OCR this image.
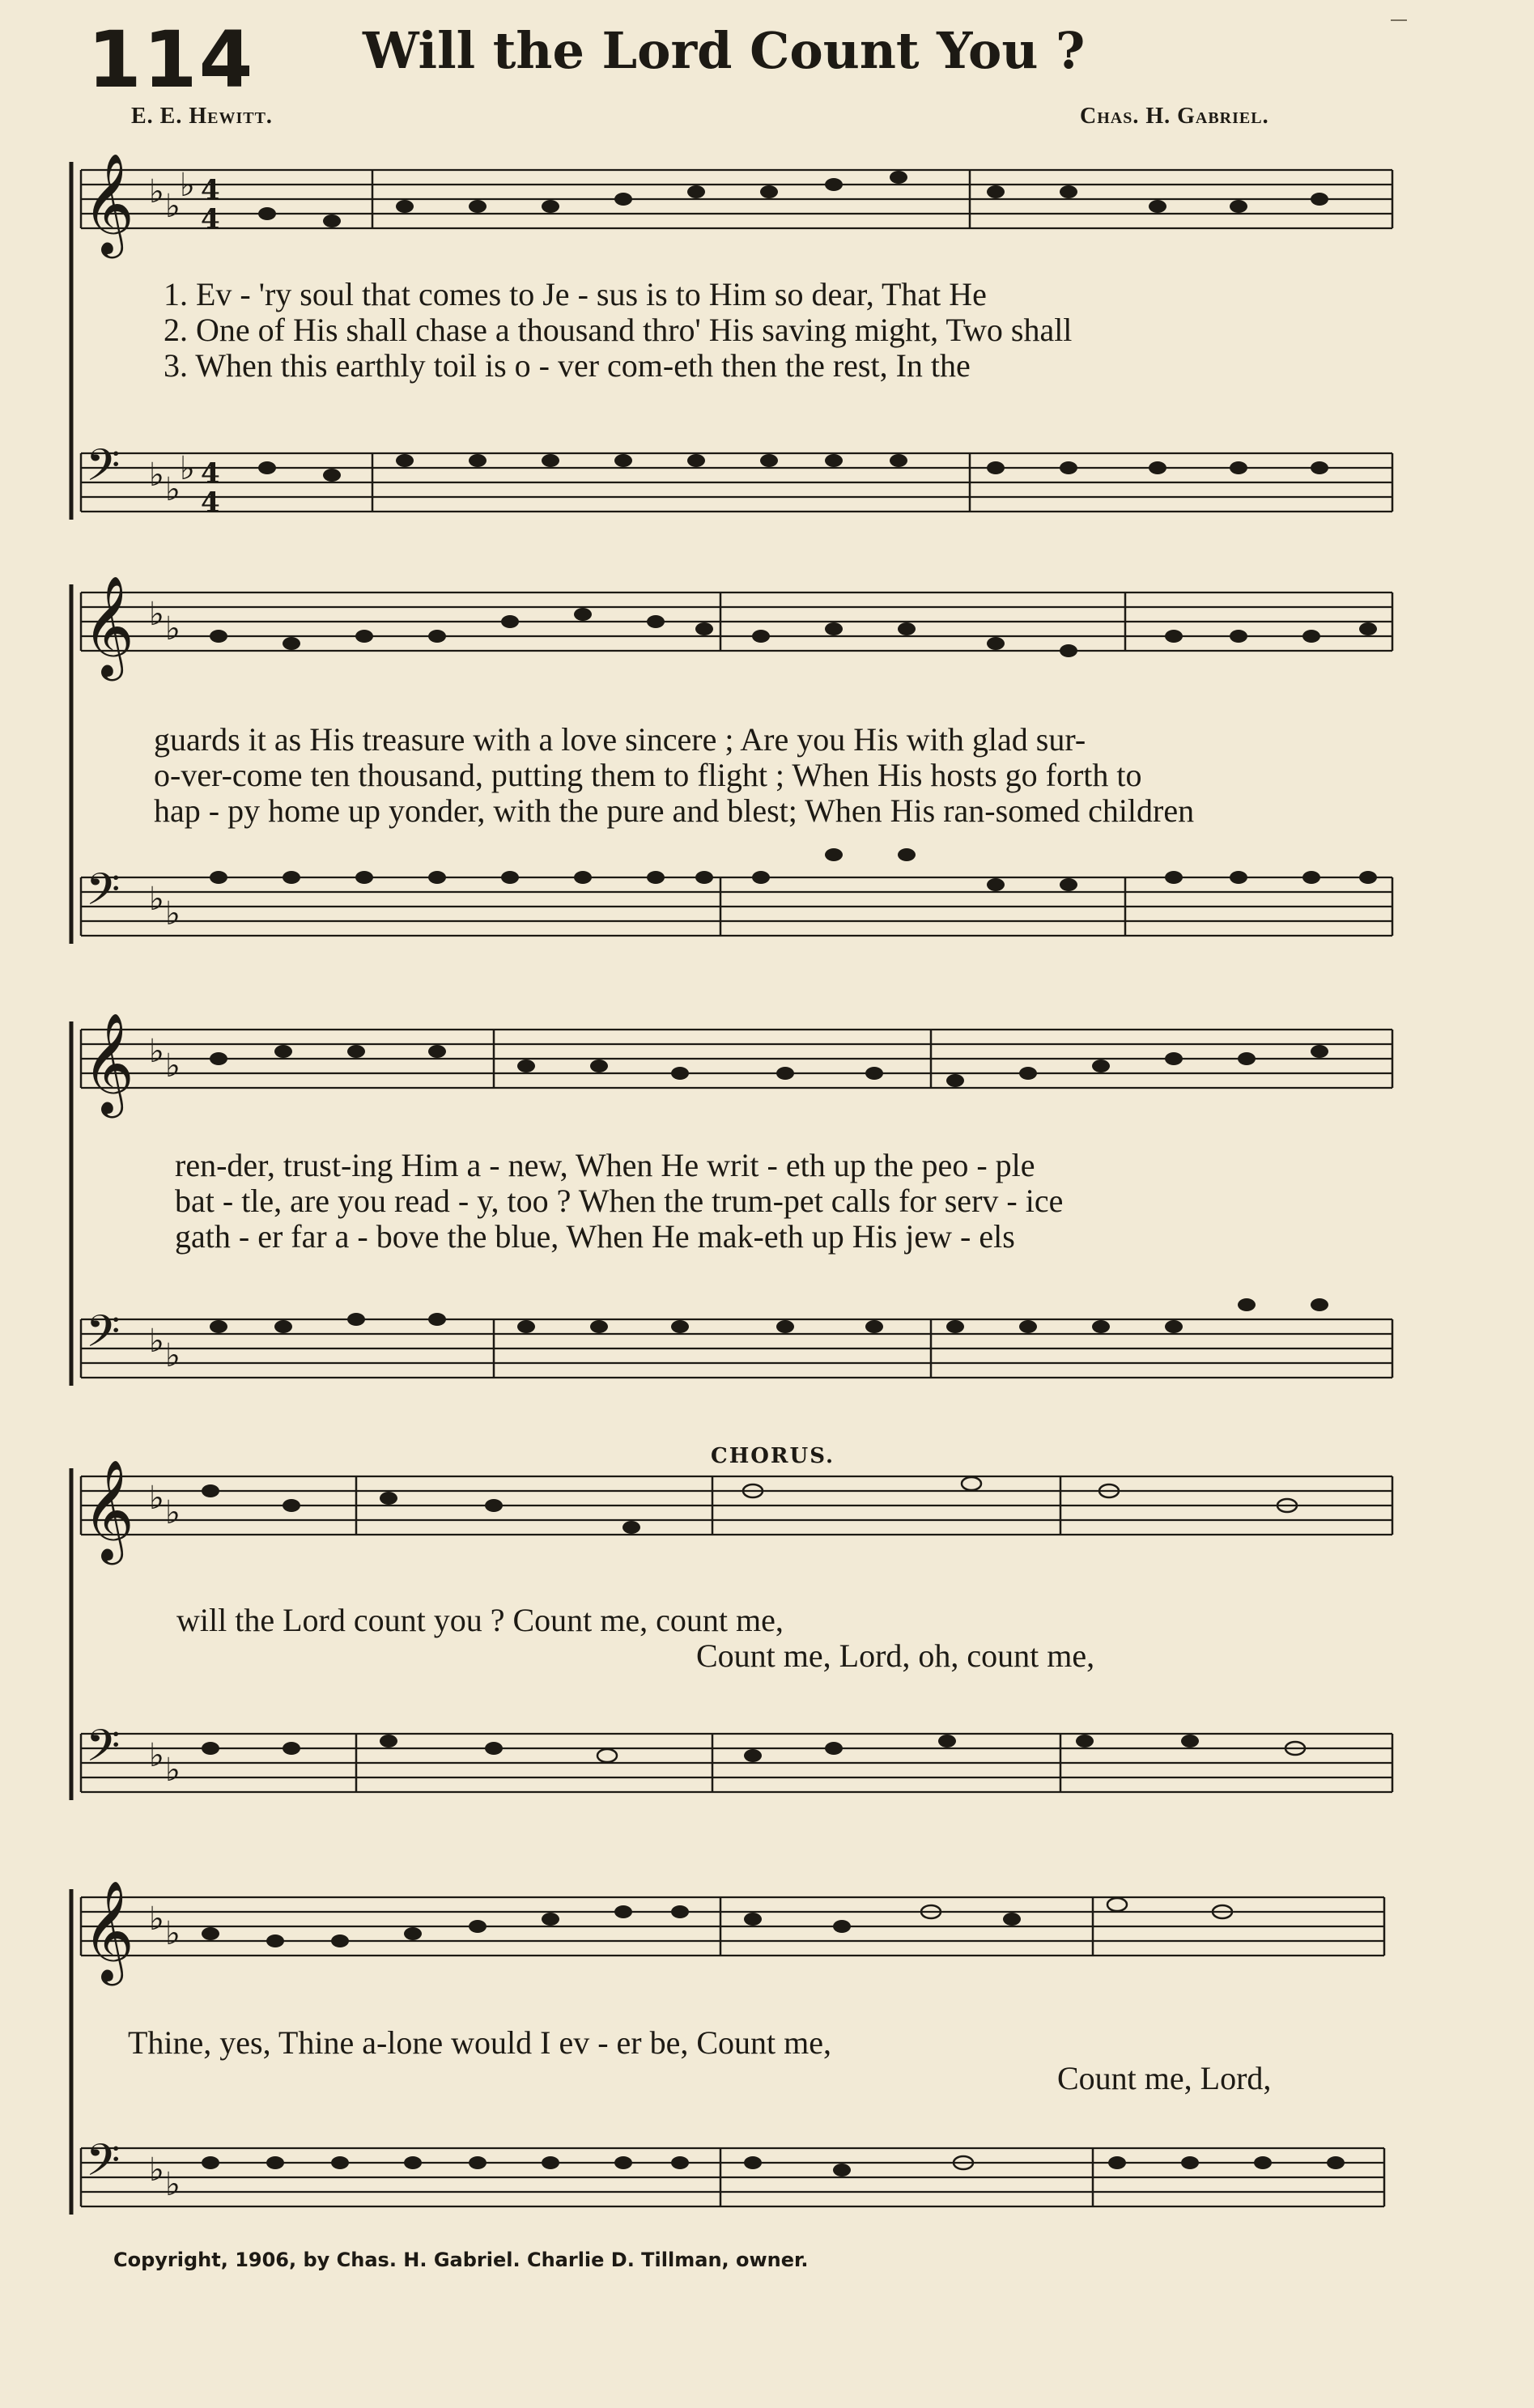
114 Will the Lord Count You ?
E. E. Hewitt.	Chas. H. Gabriel.
𝄞
𝄢
♭ ♭
♭
♭ ♭
♭
4
4
4
4
1. Ev - 'ry soul that comes to Je - sus is to Him so dear, That He
2. One of His shall chase a thousand thro' His saving might, Two shall
3. When this earthly toil is o - ver com-eth then the rest, In the
𝄞
𝄢
♭ ♭
♭ ♭
guards it as His treasure with a love sincere ; Are you His with glad sur-
o-ver-come ten thousand, putting them to flight ; When His hosts go forth to
hap - py home up yonder, with the pure and blest; When His ran-somed children
𝄞
𝄢
♭ ♭
♭ ♭
ren-der, trust-ing Him a - new, When He writ - eth up the peo - ple
bat - tle, are you read - y, too ? When the trum-pet calls for serv - ice
gath - er far a - bove the blue, When He mak-eth up His jew - els
CHORUS.
𝄞
𝄢
♭ ♭
♭ ♭
will the Lord count you ? Count me, count me,
Count me, Lord, oh, count me,
𝄞
𝄢
♭ ♭
♭ ♭
Thine, yes, Thine a-lone would I ev - er be, Count me,
Count me, Lord,
Copyright, 1906, by Chas. H. Gabriel. Charlie D. Tillman, owner.
